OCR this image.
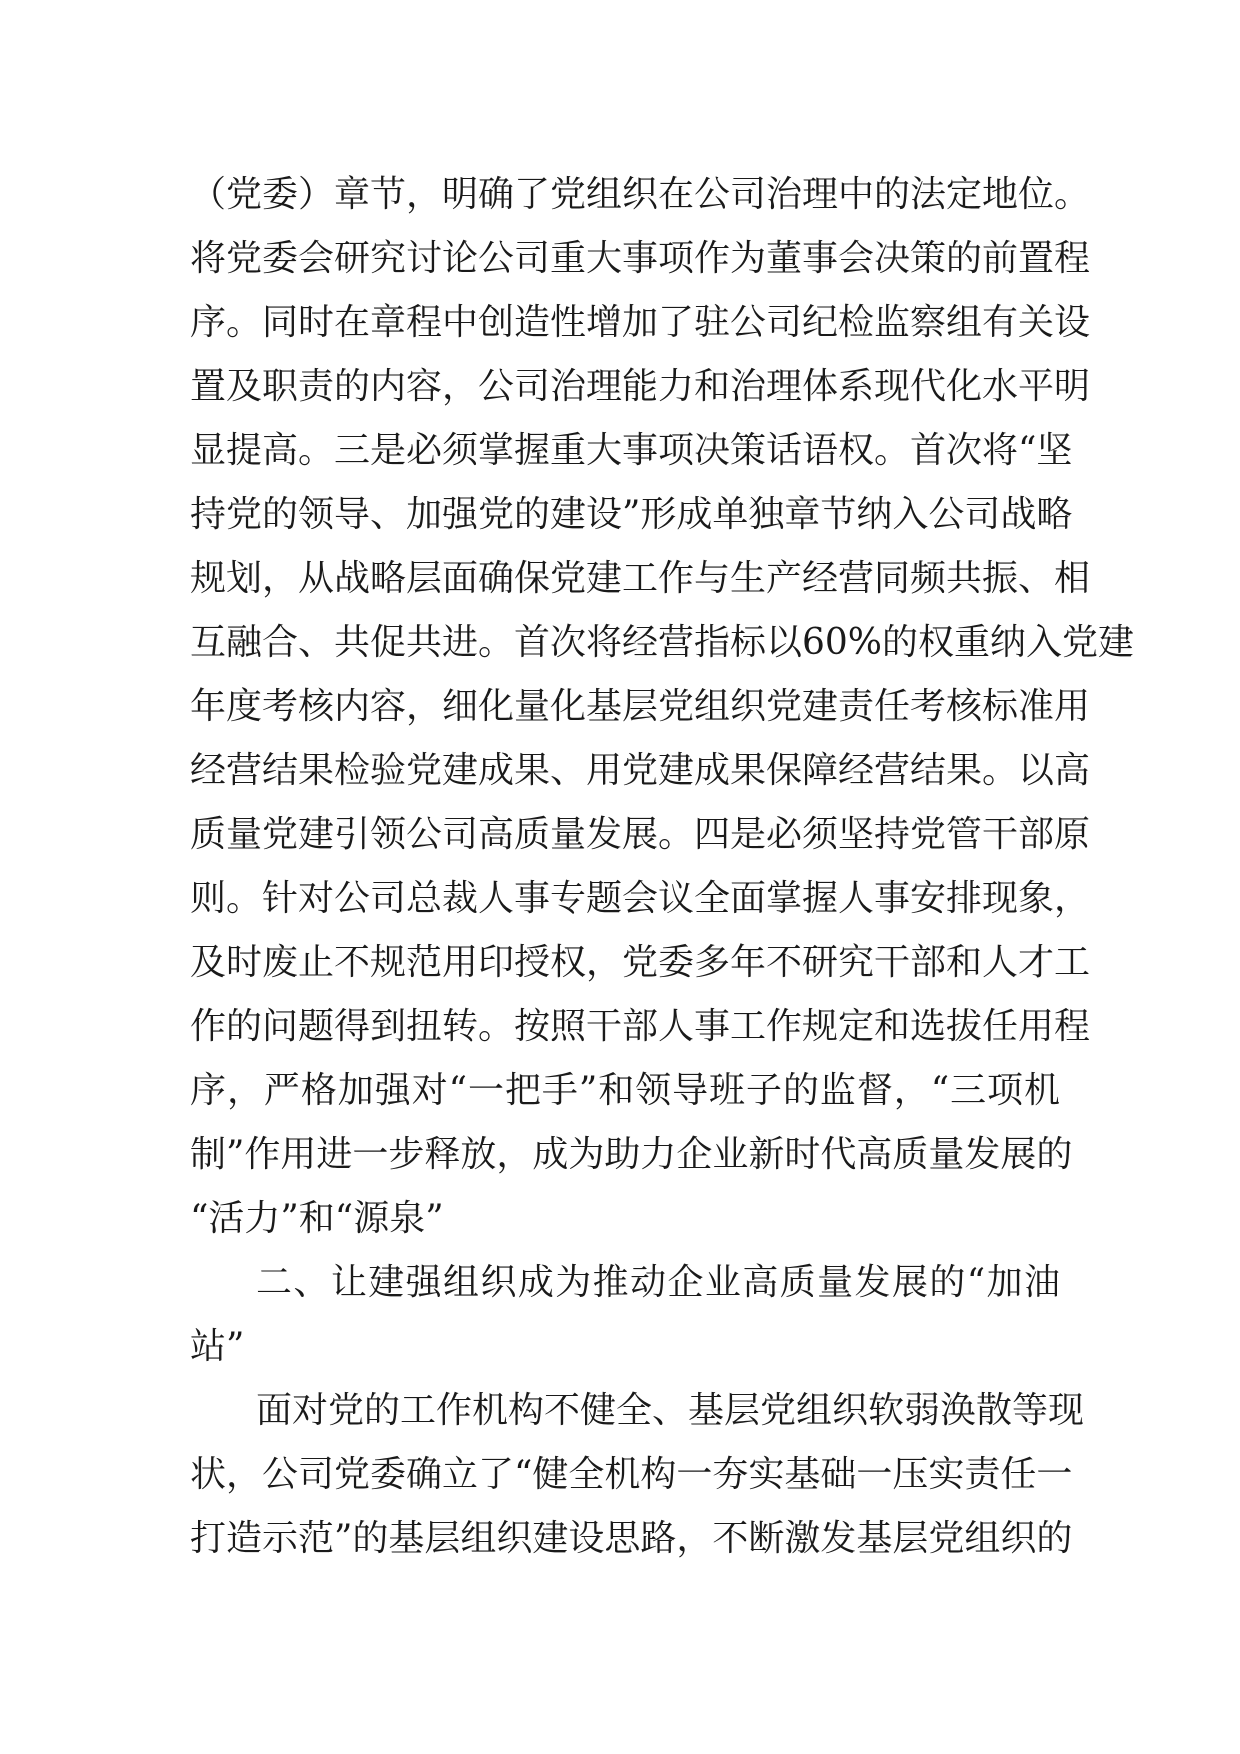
（党委）章节，明确了党组织在公司治理中的法定地位。
将党委会研究讨论公司重大事项作为董事会决策的前置程
序。同时在章程中创造性增加了驻公司纪检监察组有关设
置及职责的内容，公司治理能力和治理体系现代化水平明
显提高。三是必须掌握重大事项决策话语权。首次将“坚
持党的领导、加强党的建设”形成单独章节纳入公司战略
规划，从战略层面确保党建工作与生产经营同频共振、相
互融合、共促共进。首次将经营指标以60%的权重纳入党建
年度考核内容，细化量化基层党组织党建责任考核标准用
经营结果检验党建成果、用党建成果保障经营结果。以高
质量党建引领公司高质量发展。四是必须坚持党管干部原
则。针对公司总裁人事专题会议全面掌握人事安排现象，
及时废止不规范用印授权，党委多年不研究干部和人才工
作的问题得到扭转。按照干部人事工作规定和选拔任用程
序，严格加强对“一把手”和领导班子的监督，“三项机
制”作用进一步释放，成为助力企业新时代高质量发展的
“活力”和“源泉”
二、让建强组织成为推动企业高质量发展的“加油
站”
面对党的工作机构不健全、基层党组织软弱涣散等现
状，公司党委确立了“健全机构一夯实基础一压实责任一
打造示范”的基层组织建设思路，不断激发基层党组织的
